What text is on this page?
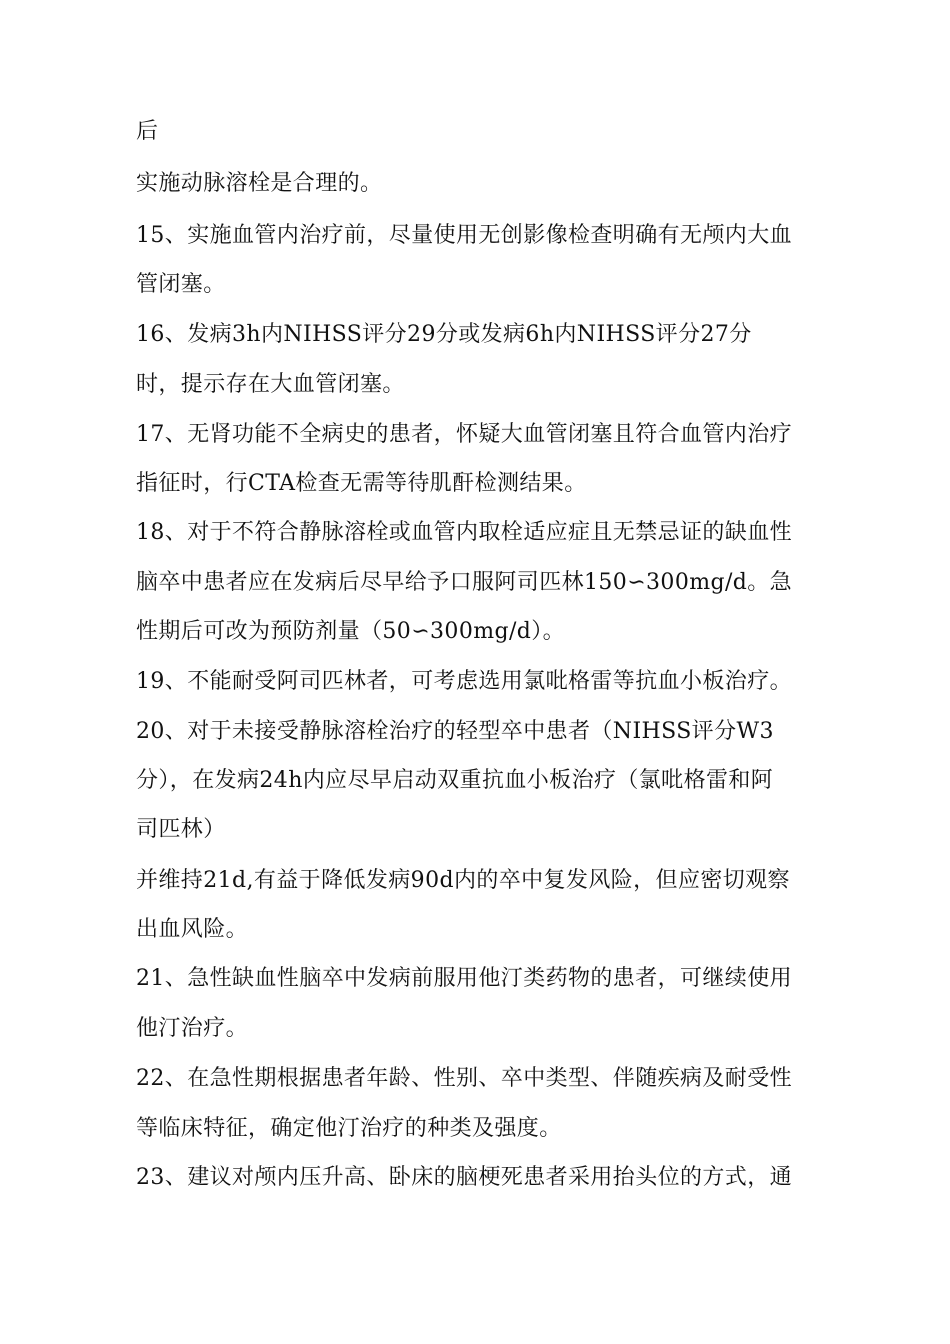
后

实施动脉溶栓是合理的。

15、实施血管内治疗前，尽量使用无创影像检查明确有无颅内大血

管闭塞。

16、发病3h内NIHSS评分29分或发病6h内NIHSS评分27分

时，提示存在大血管闭塞。

17、无肾功能不全病史的患者，怀疑大血管闭塞且符合血管内治疗

指征时，行CTA检查无需等待肌酐检测结果。

18、对于不符合静脉溶栓或血管内取栓适应症且无禁忌证的缺血性

脑卒中患者应在发病后尽早给予口服阿司匹林150∽300mg/d。急

性期后可改为预防剂量（50∽300mg/d）。

19、不能耐受阿司匹林者，可考虑选用氯吡格雷等抗血小板治疗。

20、对于未接受静脉溶栓治疗的轻型卒中患者（NIHSS评分W3

分），在发病24h内应尽早启动双重抗血小板治疗（氯吡格雷和阿

司匹林）

并维持21d,有益于降低发病90d内的卒中复发风险，但应密切观察

出血风险。

21、急性缺血性脑卒中发病前服用他汀类药物的患者，可继续使用

他汀治疗。

22、在急性期根据患者年龄、性别、卒中类型、伴随疾病及耐受性

等临床特征，确定他汀治疗的种类及强度。

23、建议对颅内压升高、卧床的脑梗死患者采用抬头位的方式，通
